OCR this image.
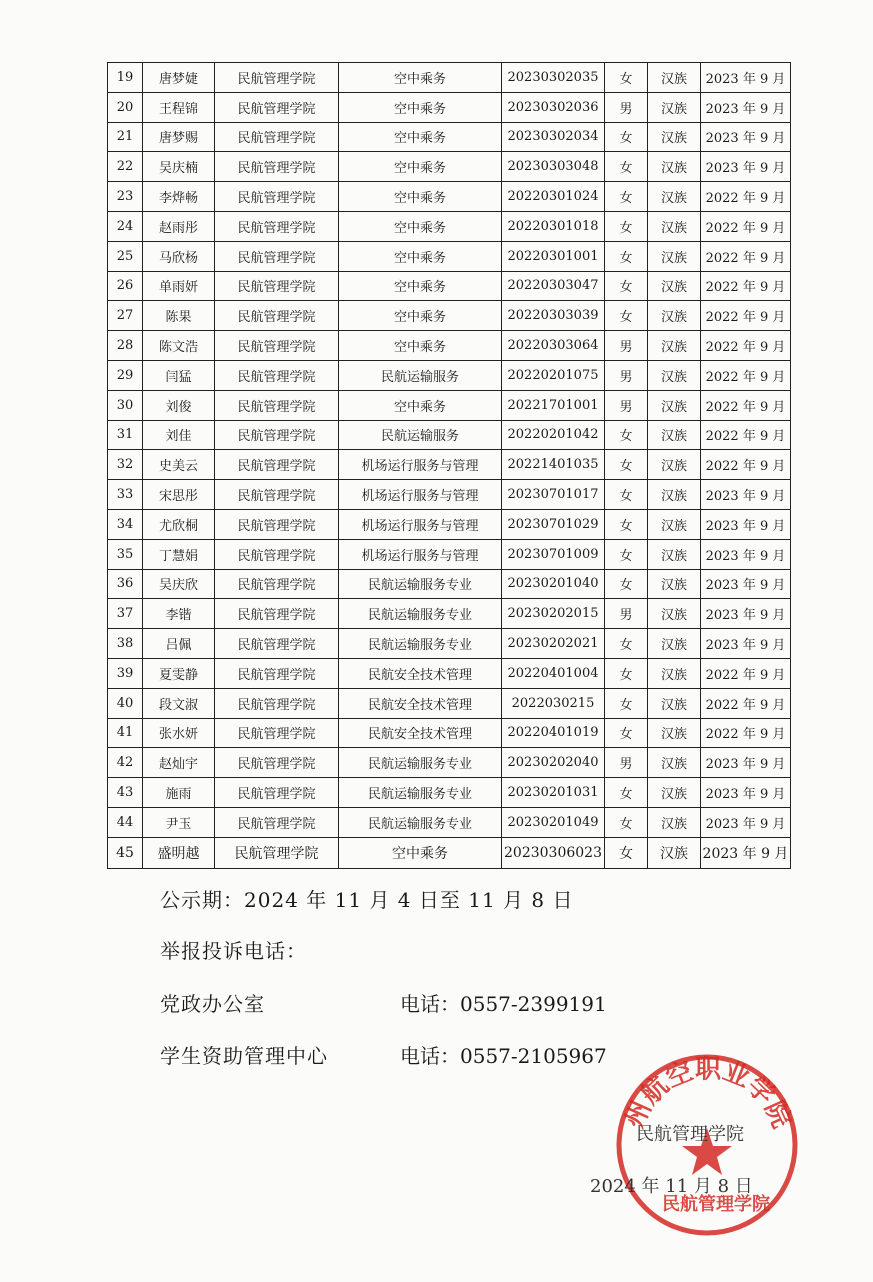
19	唐梦婕	民航管理学院	空中乘务	20230302035	女	汉族	2023 年 9 月
20	王程锦	民航管理学院	空中乘务	20230302036	男	汉族	2023 年 9 月
21	唐梦赐	民航管理学院	空中乘务	20230302034	女	汉族	2023 年 9 月
22	吴庆楠	民航管理学院	空中乘务	20230303048	女	汉族	2023 年 9 月
23	李烨畅	民航管理学院	空中乘务	20220301024	女	汉族	2022 年 9 月
24	赵雨彤	民航管理学院	空中乘务	20220301018	女	汉族	2022 年 9 月
25	马欣杨	民航管理学院	空中乘务	20220301001	女	汉族	2022 年 9 月
26	单雨妍	民航管理学院	空中乘务	20220303047	女	汉族	2022 年 9 月
27	陈果	民航管理学院	空中乘务	20220303039	女	汉族	2022 年 9 月
28	陈文浩	民航管理学院	空中乘务	20220303064	男	汉族	2022 年 9 月
29	闫猛	民航管理学院	民航运输服务	20220201075	男	汉族	2022 年 9 月
30	刘俊	民航管理学院	空中乘务	20221701001	男	汉族	2022 年 9 月
31	刘佳	民航管理学院	民航运输服务	20220201042	女	汉族	2022 年 9 月
32	史美云	民航管理学院	机场运行服务与管理	20221401035	女	汉族	2022 年 9 月
33	宋思彤	民航管理学院	机场运行服务与管理	20230701017	女	汉族	2023 年 9 月
34	尤欣桐	民航管理学院	机场运行服务与管理	20230701029	女	汉族	2023 年 9 月
35	丁慧娟	民航管理学院	机场运行服务与管理	20230701009	女	汉族	2023 年 9 月
36	吴庆欣	民航管理学院	民航运输服务专业	20230201040	女	汉族	2023 年 9 月
37	李锴	民航管理学院	民航运输服务专业	20230202015	男	汉族	2023 年 9 月
38	吕佩	民航管理学院	民航运输服务专业	20230202021	女	汉族	2023 年 9 月
39	夏雯静	民航管理学院	民航安全技术管理	20220401004	女	汉族	2022 年 9 月
40	段文淑	民航管理学院	民航安全技术管理	2022030215	女	汉族	2022 年 9 月
41	张水妍	民航管理学院	民航安全技术管理	20220401019	女	汉族	2022 年 9 月
42	赵灿宇	民航管理学院	民航运输服务专业	20230202040	男	汉族	2023 年 9 月
43	施雨	民航管理学院	民航运输服务专业	20230201031	女	汉族	2023 年 9 月
44	尹玉	民航管理学院	民航运输服务专业	20230201049	女	汉族	2023 年 9 月
45	盛明越	民航管理学院	空中乘务	20230306023	女	汉族	2023 年 9 月
公示期：2024 年 11 月 4 日至 11 月 8 日
举报投诉电话：
党政办公室	电话：0557-2399191
学生资助管理中心	电话：0557-2105967
州航空职业学院
民航管理学院
民航管理学院
2024 年 11 月 8 日
